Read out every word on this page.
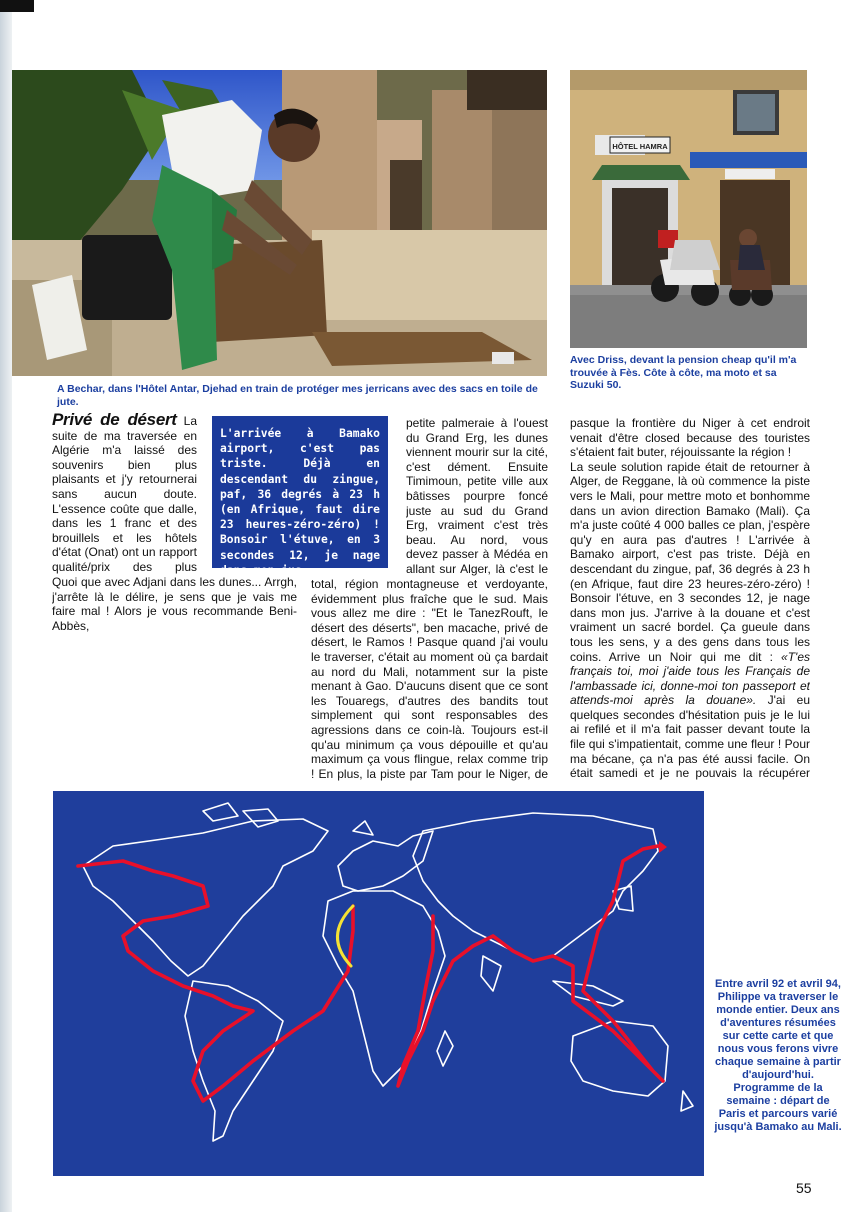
HÔTEL HAMRA
A Bechar, dans l'Hôtel Antar, Djehad en train de protéger mes jerricans avec des sacs en toile de jute.
Avec Driss, devant la pension cheap qu'il m'a trouvée à Fès. Côte à côte, ma moto et sa Suzuki 50.

Privé de désert La suite de ma traversée en Algérie m'a laissé des souvenirs bien plus plaisants et j'y retournerai sans aucun doute. L'essence coûte que dalle, dans les 1 franc et des brouillels et les hôtels d'état (Onat) ont un rapport qualité/prix des plus

L'arrivée à Bamako airport, c'est pas triste. Déjà en descendant du zingue, paf, 36 degrés à 23 h (en Afrique, faut dire 23 heures-zéro-zéro) ! Bonsoir l'étuve, en 3 secondes 12, je nage dans mon jus.
petite palmeraie à l'ouest du Grand Erg, les dunes viennent mourir sur la cité, c'est dément. Ensuite Timimoun, petite ville aux bâtisses pourpre foncé juste au sud du Grand Erg, vraiment c'est très beau. Au nord, vous devez passer à Médéa en allant sur Alger, là c'est le

Quoi que avec Adjani dans les dunes... Arrgh, j'arrête là le délire, je sens que je vais me faire mal ! Alors je vous recommande Beni-Abbès,

total, région montagneuse et verdoyante, évidemment plus fraîche que le sud. Mais vous allez me dire : "Et le TanezRouft, le désert des déserts", ben macache, privé de désert, le Ramos ! Pasque quand j'ai voulu le traverser, c'était au moment où ça bardait au nord du Mali, notamment sur la piste menant à Gao. D'aucuns disent que ce sont les Touaregs, d'autres des bandits tout simplement qui sont responsables des agressions dans ce coin-là. Toujours est-il qu'au minimum ça vous dépouille et qu'au maximum ça vous flingue, relax comme trip ! En plus, la piste par Tam pour le Niger, de

pasque la frontière du Niger à cet endroit venait d'être closed because des touristes s'étaient fait buter, réjouissante la région !

La seule solution rapide était de retourner à Alger, de Reggane, là où commence la piste vers le Mali, pour mettre moto et bonhomme dans un avion direction Bamako (Mali). Ça m'a juste coûté 4 000 balles ce plan, j'espère qu'y en aura pas d'autres ! L'arrivée à Bamako airport, c'est pas triste. Déjà en descendant du zingue, paf, 36 degrés à 23 h (en Afrique, faut dire 23 heures-zéro-zéro) ! Bonsoir l'étuve, en 3 secondes 12, je nage dans mon jus. J'arrive à la douane et c'est vraiment un sacré bordel. Ça gueule dans tous les sens, y a des gens dans tous les coins. Arrive un Noir qui me dit : «T'es français toi, moi j'aide tous les Français de l'ambassade ici, donne-moi ton passeport et attends-moi après la douane». J'ai eu quelques secondes d'hésitation puis je le lui ai refilé et il m'a fait passer devant toute la file qui s'impatientait, comme une fleur ! Pour ma bécane, ça n'a pas été aussi facile. On était samedi et je ne pouvais la récupérer

Entre avril 92 et avril 94, Philippe va traverser le monde entier. Deux ans d'aventures résumées sur cette carte et que nous vous ferons vivre chaque semaine à partir d'aujourd'hui. Programme de la semaine : départ de Paris et parcours varié jusqu'à Bamako au Mali.
55
